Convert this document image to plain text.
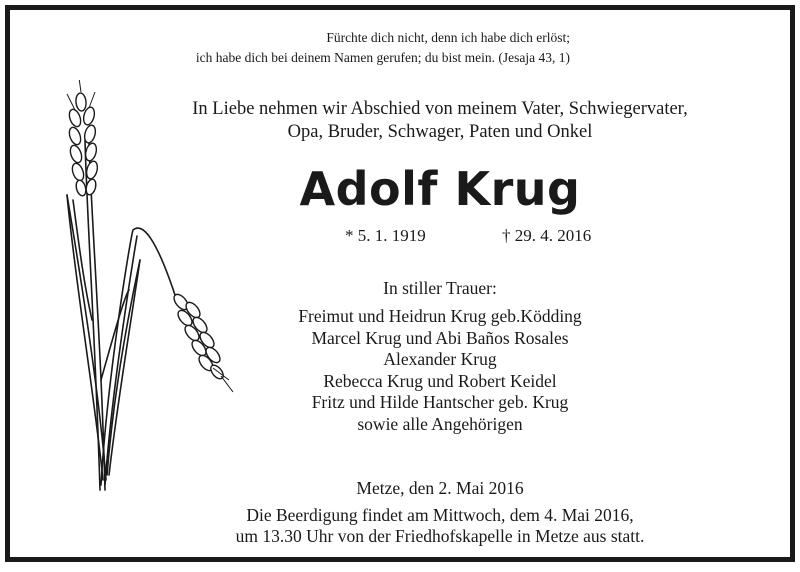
Fürchte dich nicht, denn ich habe dich erlöst;
ich habe dich bei deinem Namen gerufen; du bist mein. (Jesaja 43, 1)
In Liebe nehmen wir Abschied von meinem Vater, Schwiegervater,
Opa, Bruder, Schwager, Paten und Onkel
Adolf Krug
* 5. 1. 1919	† 29. 4. 2016
In stiller Trauer:
Freimut und Heidrun Krug geb.Ködding
Marcel Krug und Abi Baños Rosales
Alexander Krug
Rebecca Krug und Robert Keidel
Fritz und Hilde Hantscher geb. Krug
sowie alle Angehörigen
Metze, den 2. Mai 2016
Die Beerdigung findet am Mittwoch, dem 4. Mai 2016,
um 13.30 Uhr von der Friedhofskapelle in Metze aus statt.
